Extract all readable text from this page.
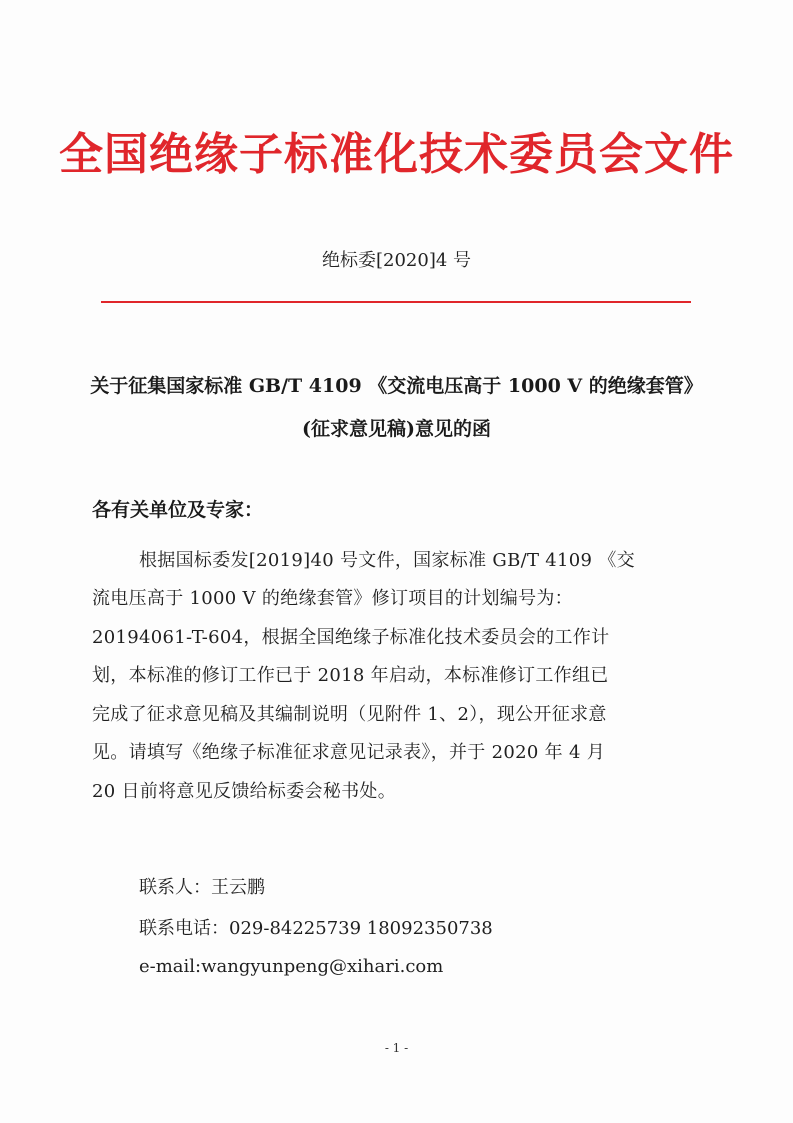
全国绝缘子标准化技术委员会文件
绝标委[2020]4 号
关于征集国家标准 GB/T 4109 《交流电压高于 1000 V 的绝缘套管》
(征求意见稿)意见的函
各有关单位及专家：
根据国标委发[2019]40 号文件，国家标准 GB/T 4109 《交
流电压高于 1000 V 的绝缘套管》修订项目的计划编号为：
20194061-T-604，根据全国绝缘子标准化技术委员会的工作计
划，本标准的修订工作已于 2018 年启动，本标准修订工作组已
完成了征求意见稿及其编制说明（见附件 1、2），现公开征求意
见。请填写《绝缘子标准征求意见记录表》，并于 2020 年 4 月
20 日前将意见反馈给标委会秘书处。
联系人：王云鹏
联系电话：029-84225739 18092350738
e-mail:wangyunpeng@xihari.com
- 1 -
